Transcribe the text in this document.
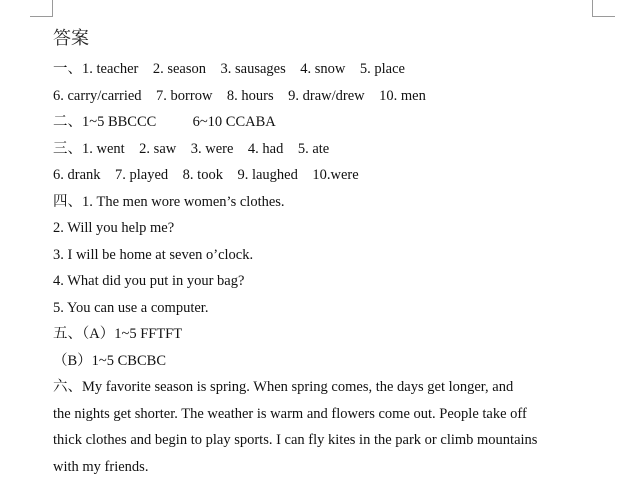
答案
一、1. teacher    2. season    3. sausages    4. snow    5. place
6. carry/carried    7. borrow    8. hours    9. draw/drew    10. men
二、1~5 BBCCC          6~10 CCABA
三、1. went    2. saw    3. were    4. had    5. ate
6. drank    7. played    8. took    9. laughed    10.were
四、1. The men wore women’s clothes.
2. Will you help me?
3. I will be home at seven o’clock.
4. What did you put in your bag?
5. You can use a computer.
五、（A）1~5 FFTFT
（B）1~5 CBCBC
六、My favorite season is spring. When spring comes, the days get longer, and
the nights get shorter. The weather is warm and flowers come out. People take off
thick clothes and begin to play sports. I can fly kites in the park or climb mountains
with my friends.
